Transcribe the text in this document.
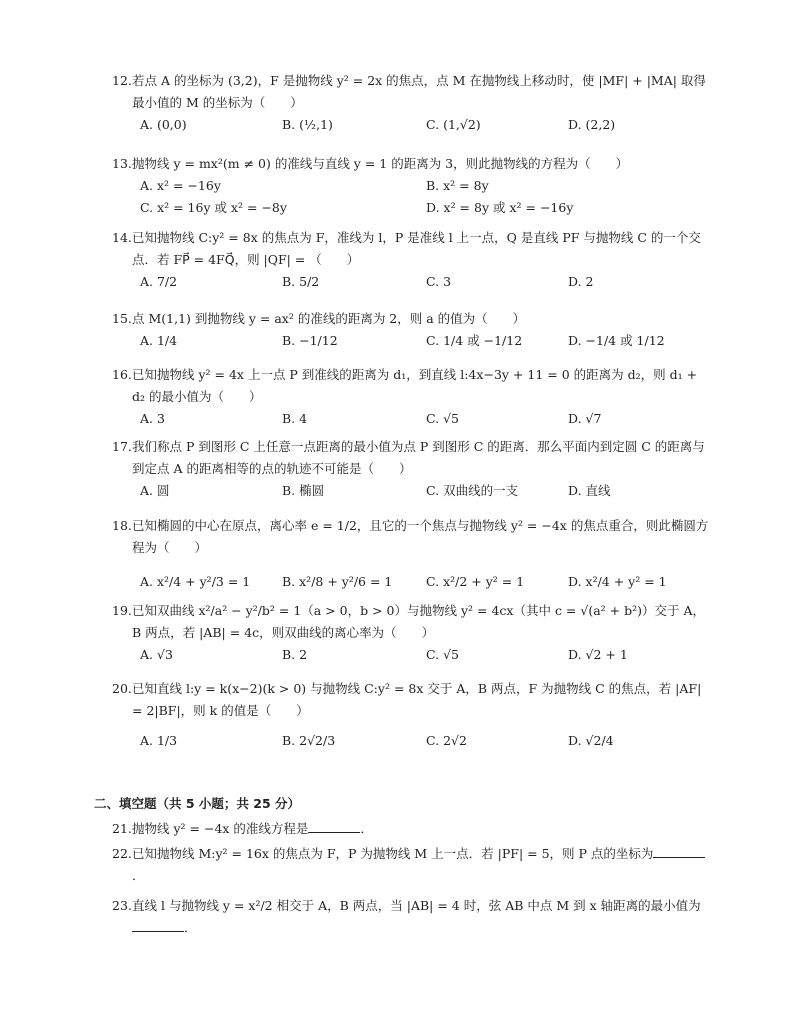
12. 若点 A 的坐标为 (3,2)，F 是抛物线 y² = 2x 的焦点，点 M 在抛物线上移动时，使 |MF| + |MA| 取得最小值的 M 的坐标为（　　）
A. (0,0)	B. (½,1)	C. (1,√2)	D. (2,2)
13. 抛物线 y = mx²(m ≠ 0) 的准线与直线 y = 1 的距离为 3，则此抛物线的方程为（　　）
A. x² = −16y	B. x² = 8y
C. x² = 16y 或 x² = −8y	D. x² = 8y 或 x² = −16y
14. 已知抛物线 C:y² = 8x 的焦点为 F，准线为 l，P 是准线 l 上一点，Q 是直线 PF 与抛物线 C 的一个交点．若 FP⃗ = 4FQ⃗，则 |QF| = （　　）
A. 7/2	B. 5/2	C. 3	D. 2
15. 点 M(1,1) 到抛物线 y = ax² 的准线的距离为 2，则 a 的值为（　　）
A. 1/4	B. −1/12	C. 1/4 或 −1/12	D. −1/4 或 1/12
16. 已知抛物线 y² = 4x 上一点 P 到准线的距离为 d₁，到直线 l:4x−3y + 11 = 0 的距离为 d₂，则 d₁ + d₂ 的最小值为（　　）
A. 3	B. 4	C. √5	D. √7
17. 我们称点 P 到图形 C 上任意一点距离的最小值为点 P 到图形 C 的距离．那么平面内到定圆 C 的距离与到定点 A 的距离相等的点的轨迹不可能是（　　）
A. 圆	B. 椭圆	C. 双曲线的一支	D. 直线
18. 已知椭圆的中心在原点，离心率 e = 1/2，且它的一个焦点与抛物线 y² = −4x 的焦点重合，则此椭圆方程为（　　）
A. x²/4 + y²/3 = 1	B. x²/8 + y²/6 = 1	C. x²/2 + y² = 1	D. x²/4 + y² = 1
19. 已知双曲线 x²/a² − y²/b² = 1（a > 0，b > 0）与抛物线 y² = 4cx（其中 c = √(a² + b²)）交于 A，B 两点，若 |AB| = 4c，则双曲线的离心率为（　　）
A. √3	B. 2	C. √5	D. √2 + 1
20. 已知直线 l:y = k(x−2)(k > 0) 与抛物线 C:y² = 8x 交于 A，B 两点，F 为抛物线 C 的焦点，若 |AF| = 2|BF|，则 k 的值是（　　）
A. 1/3	B. 2√2/3	C. 2√2	D. √2/4
二、填空题（共 5 小题；共 25 分）
21. 抛物线 y² = −4x 的准线方程是	．
22. 已知抛物线 M:y² = 16x 的焦点为 F，P 为抛物线 M 上一点．若 |PF| = 5，则 P 点的坐标为．
23. 直线 l 与抛物线 y = x²/2 相交于 A，B 两点，当 |AB| = 4 时，弦 AB 中点 M 到 x 轴距离的最小值为．
